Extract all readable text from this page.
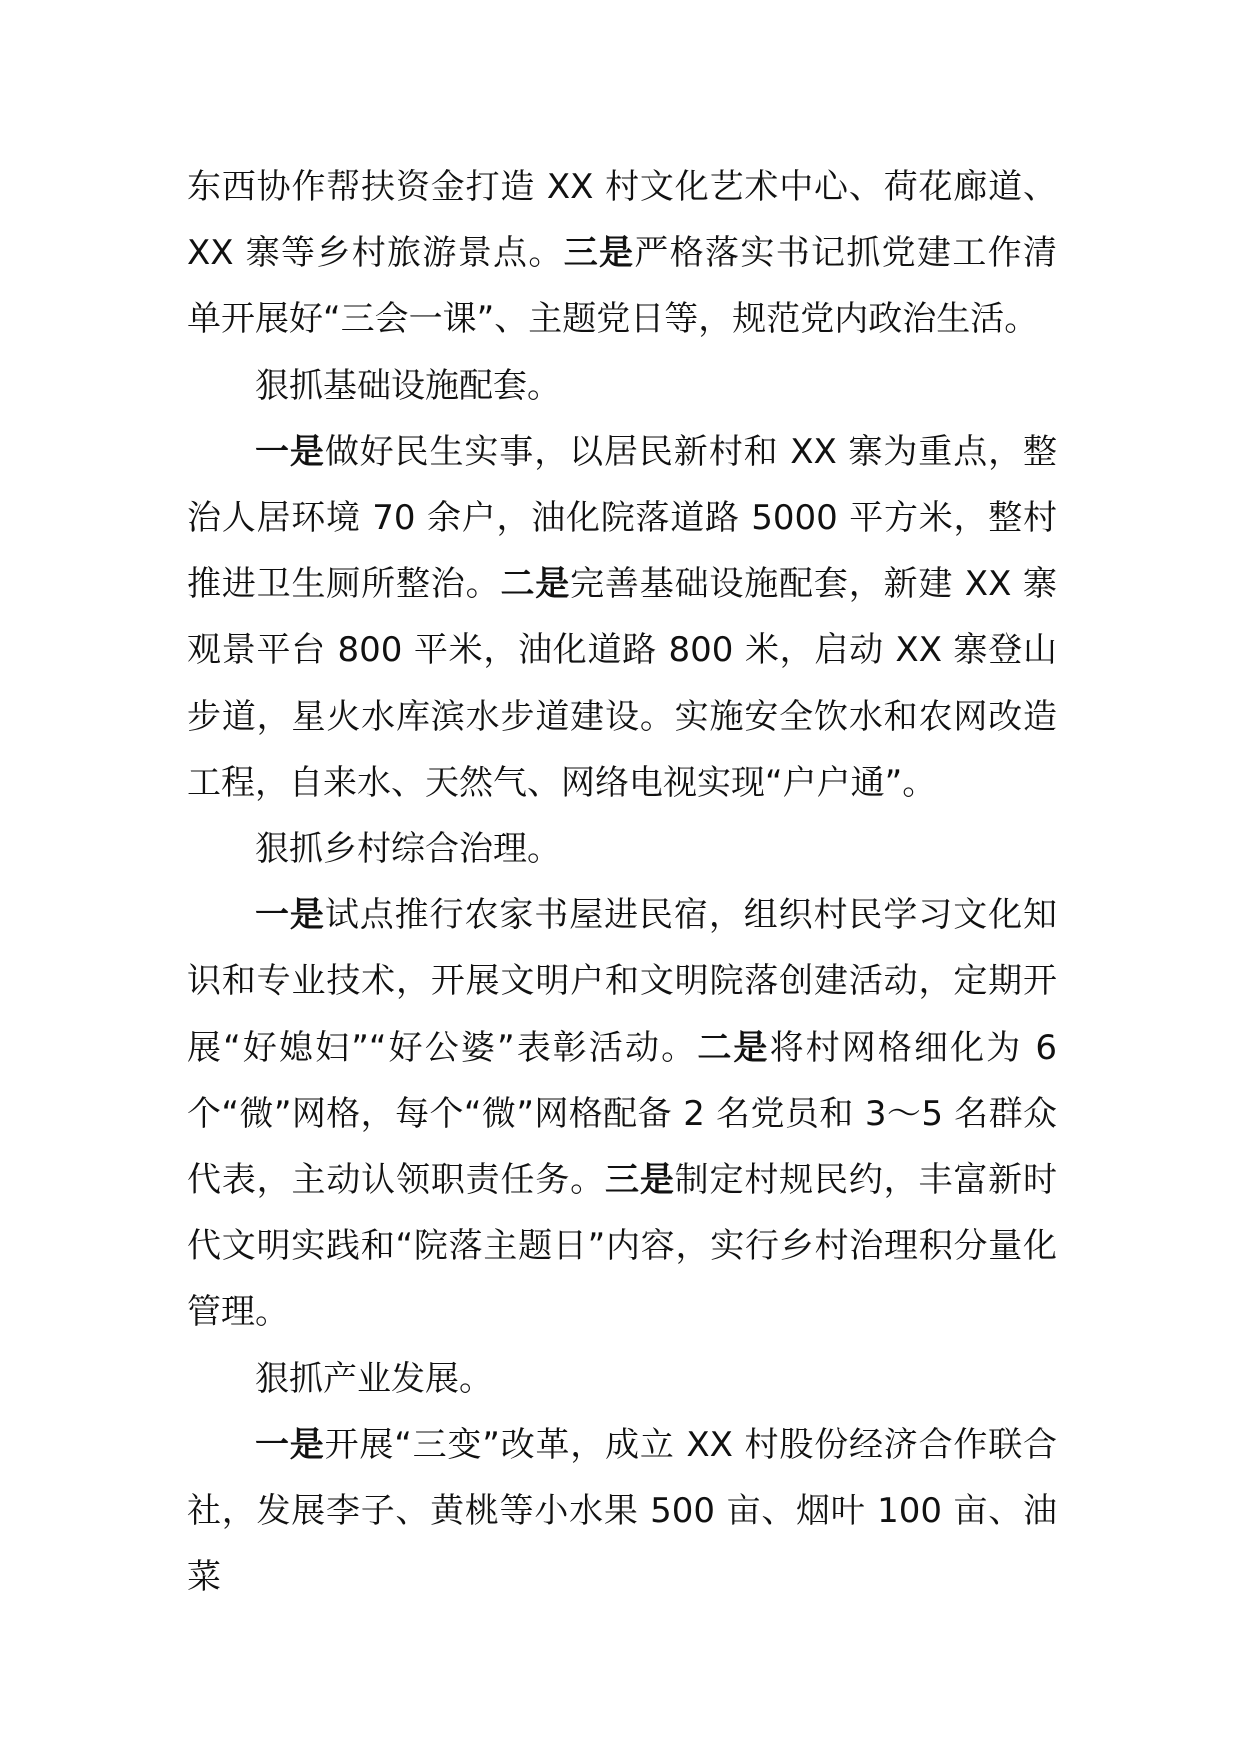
东西协作帮扶资金打造 XX 村文化艺术中心、荷花廊道、XX 寨等乡村旅游景点。三是严格落实书记抓党建工作清单开展好“三会一课”、主题党日等，规范党内政治生活。

狠抓基础设施配套。

一是做好民生实事，以居民新村和 XX 寨为重点，整治人居环境 70 余户，油化院落道路 5000 平方米，整村推进卫生厕所整治。二是完善基础设施配套，新建 XX 寨观景平台 800 平米，油化道路 800 米，启动 XX 寨登山步道，星火水库滨水步道建设。实施安全饮水和农网改造工程，自来水、天然气、网络电视实现“户户通”。

狠抓乡村综合治理。

一是试点推行农家书屋进民宿，组织村民学习文化知识和专业技术，开展文明户和文明院落创建活动，定期开展“好媳妇”“好公婆”表彰活动。二是将村网格细化为 6 个“微”网格，每个“微”网格配备 2 名党员和 3～5 名群众代表，主动认领职责任务。三是制定村规民约，丰富新时代文明实践和“院落主题日”内容，实行乡村治理积分量化管理。

狠抓产业发展。

一是开展“三变”改革，成立 XX 村股份经济合作联合社，发展李子、黄桃等小水果 500 亩、烟叶 100 亩、油菜
